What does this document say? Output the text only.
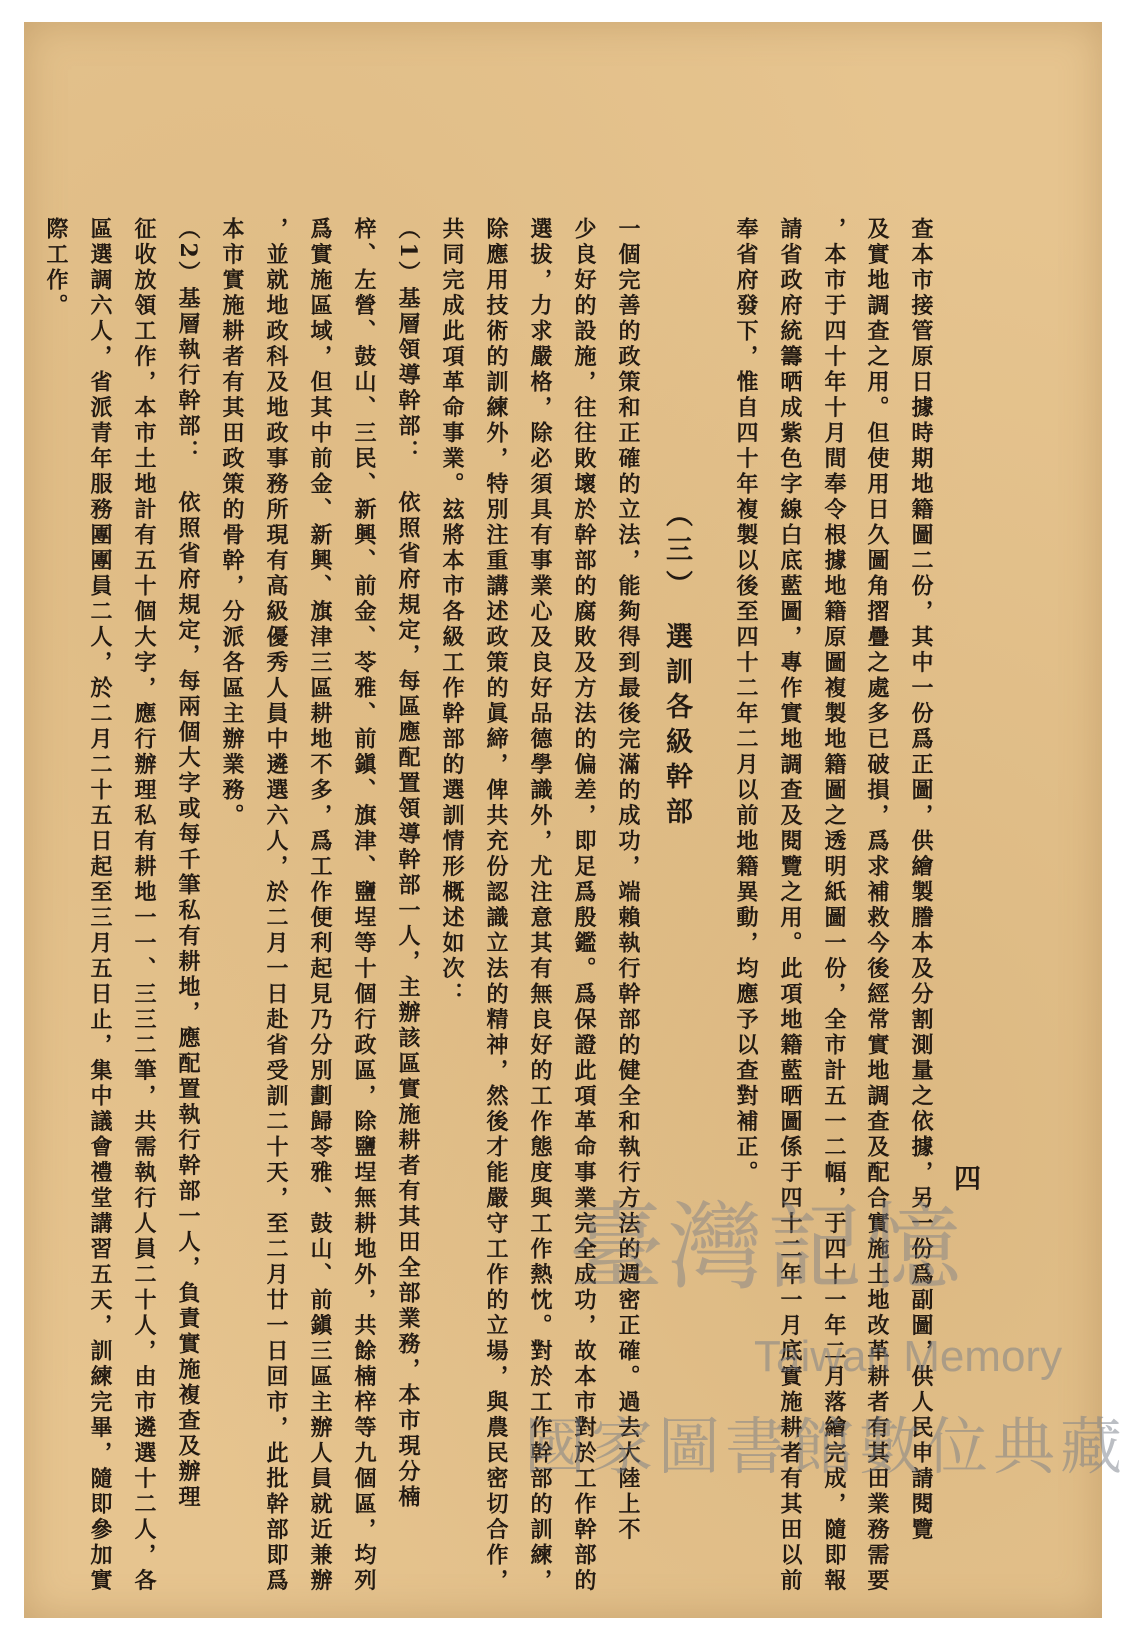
四
查本市接管原日據時期地籍圖二份，其中一份爲正圖，供繪製謄本及分割測量之依據，另一份爲副圖，供人民申請閱覽
及實地調查之用。但使用日久圖角摺疊之處多已破損，爲求補救今後經常實地調查及配合實施土地改革耕者有其田業務需要
，本市于四十年十月間奉令根據地籍原圖複製地籍圖之透明紙圖一份，全市計五一二幅，于四十一年二月落繪完成，隨即報
請省政府統籌晒成紫色字線白底藍圖，專作實地調查及閱覽之用。此項地籍藍晒圖係于四十二年一月底實施耕者有其田以前
奉省府發下，惟自四十年複製以後至四十二年二月以前地籍異動，均應予以查對補正。
（三） 選訓各級幹部
一個完善的政策和正確的立法，能夠得到最後完滿的成功，端賴執行幹部的健全和執行方法的週密正確。過去大陸上不
少良好的設施，往往敗壞於幹部的腐敗及方法的偏差，即足爲殷鑑。爲保證此項革命事業完全成功，故本市對於工作幹部的
選拔，力求嚴格，除必須具有事業心及良好品德學識外，尤注意其有無良好的工作態度與工作熱忱。對於工作幹部的訓練，
除應用技術的訓練外，特別注重講述政策的眞締，俾共充份認識立法的精神，然後才能嚴守工作的立場，與農民密切合作，
共同完成此項革命事業。玆將本市各級工作幹部的選訓情形概述如次：
（1）基層領導幹部：　依照省府規定，每區應配置領導幹部一人，主辦該區實施耕者有其田全部業務，本市現分楠
梓、左營、鼓山、三民、新興、前金、苓雅、前鎭、旗津、鹽埕等十個行政區，除鹽埕無耕地外，共餘楠梓等九個區，均列
爲實施區域，但其中前金、新興、旗津三區耕地不多，爲工作便利起見乃分別劃歸苓雅、鼓山、前鎭三區主辦人員就近兼辦
，並就地政科及地政事務所現有高級優秀人員中遴選六人，於二月一日赴省受訓二十天，至二月廿一日回市，此批幹部即爲
本市實施耕者有其田政策的骨幹，分派各區主辦業務。
（2）基層執行幹部：　依照省府規定，每兩個大字或每千筆私有耕地，應配置執行幹部一人，負責實施複查及辦理
征收放領工作，本市土地計有五十個大字，應行辦理私有耕地一一、三三二筆，共需執行人員二十人，由市遴選十二人，各
區選調六人，省派青年服務團團員二人，於二月二十五日起至三月五日止，集中議會禮堂講習五天，訓練完畢，隨即參加實
際工作。
臺灣記憶
Taiwan Memory
國家圖書館數位典藏
